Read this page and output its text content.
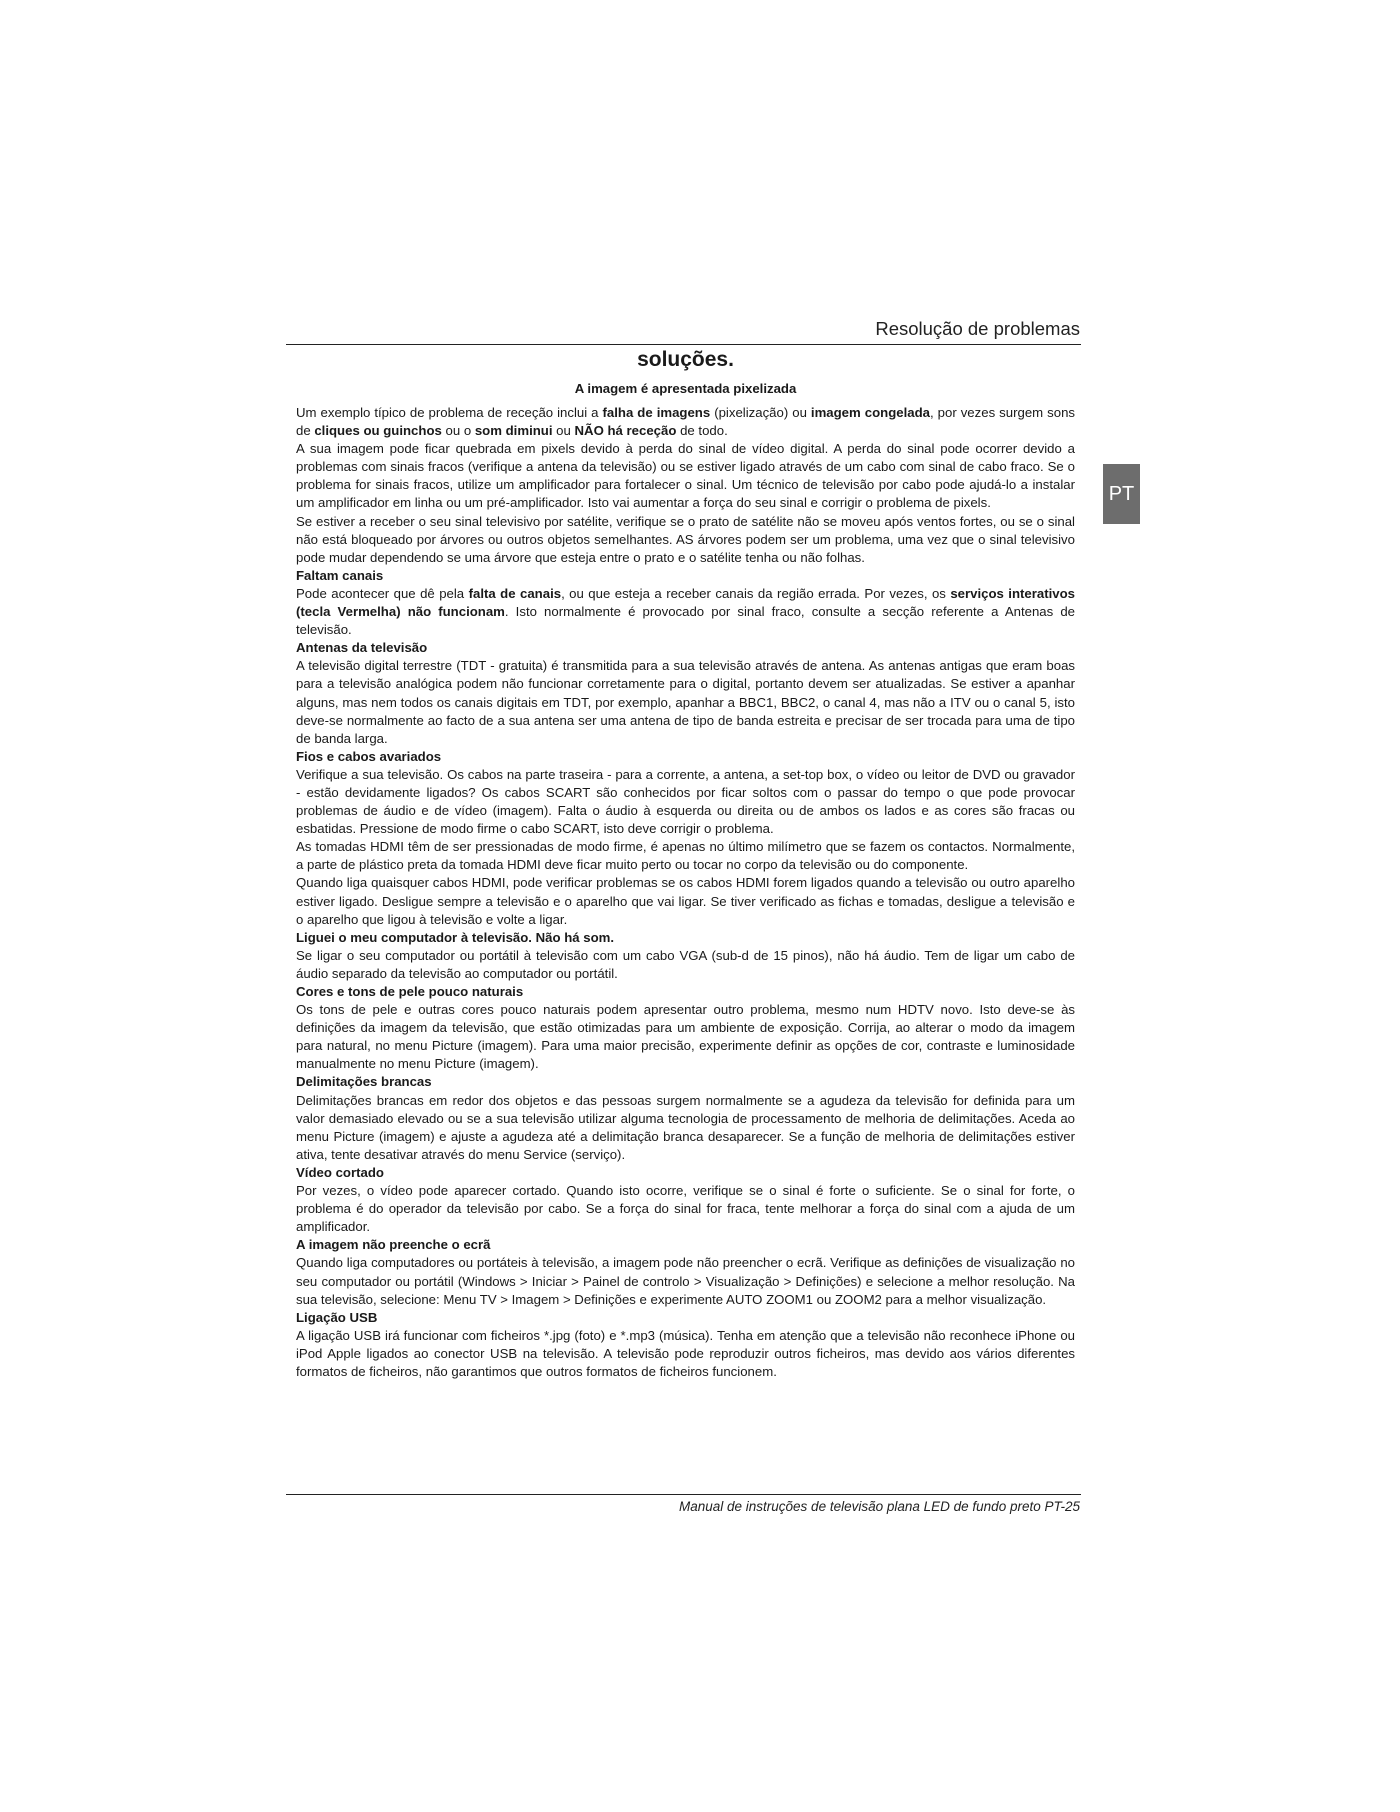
Resolução de problemas
PT
soluções.
A imagem é apresentada pixelizada

Um exemplo típico de problema de receção inclui a falha de imagens (pixelização) ou imagem congelada, por vezes surgem sons de cliques ou guinchos ou o som diminui ou NÃO há receção de todo.

A sua imagem pode ficar quebrada em pixels devido à perda do sinal de vídeo digital. A perda do sinal pode ocorrer devido a problemas com sinais fracos (verifique a antena da televisão) ou se estiver ligado através de um cabo com sinal de cabo fraco. Se o problema for sinais fracos, utilize um amplificador para fortalecer o sinal. Um técnico de televisão por cabo pode ajudá-lo a instalar um amplificador em linha ou um pré-amplificador. Isto vai aumentar a força do seu sinal e corrigir o problema de pixels.

Se estiver a receber o seu sinal televisivo por satélite, verifique se o prato de satélite não se moveu após ventos fortes, ou se o sinal não está bloqueado por árvores ou outros objetos semelhantes. AS árvores podem ser um problema, uma vez que o sinal televisivo pode mudar dependendo se uma árvore que esteja entre o prato e o satélite tenha ou não folhas.

Faltam canais

Pode acontecer que dê pela falta de canais, ou que esteja a receber canais da região errada. Por vezes, os serviços interativos (tecla Vermelha) não funcionam. Isto normalmente é provocado por sinal fraco, consulte a secção referente a Antenas de televisão.

Antenas da televisão

A televisão digital terrestre (TDT - gratuita) é transmitida para a sua televisão através de antena. As antenas antigas que eram boas para a televisão analógica podem não funcionar corretamente para o digital, portanto devem ser atualizadas. Se estiver a apanhar alguns, mas nem todos os canais digitais em TDT, por exemplo, apanhar a BBC1, BBC2, o canal 4, mas não a ITV ou o canal 5, isto deve-se normalmente ao facto de a sua antena ser uma antena de tipo de banda estreita e precisar de ser trocada para uma de tipo de banda larga.

Fios e cabos avariados

Verifique a sua televisão. Os cabos na parte traseira - para a corrente, a antena, a set-top box, o vídeo ou leitor de DVD ou gravador - estão devidamente ligados? Os cabos SCART são conhecidos por ficar soltos com o passar do tempo o que pode provocar problemas de áudio e de vídeo (imagem). Falta o áudio à esquerda ou direita ou de ambos os lados e as cores são fracas ou esbatidas. Pressione de modo firme o cabo SCART, isto deve corrigir o problema.

As tomadas HDMI têm de ser pressionadas de modo firme, é apenas no último milímetro que se fazem os contactos. Normalmente, a parte de plástico preta da tomada HDMI deve ficar muito perto ou tocar no corpo da televisão ou do componente.

Quando liga quaisquer cabos HDMI, pode verificar problemas se os cabos HDMI forem ligados quando a televisão ou outro aparelho estiver ligado. Desligue sempre a televisão e o aparelho que vai ligar. Se tiver verificado as fichas e tomadas, desligue a televisão e o aparelho que ligou à televisão e volte a ligar.

Liguei o meu computador à televisão. Não há som.

Se ligar o seu computador ou portátil à televisão com um cabo VGA (sub-d de 15 pinos), não há áudio. Tem de ligar um cabo de áudio separado da televisão ao computador ou portátil.

Cores e tons de pele pouco naturais

Os tons de pele e outras cores pouco naturais podem apresentar outro problema, mesmo num HDTV novo. Isto deve-se às definições da imagem da televisão, que estão otimizadas para um ambiente de exposição. Corrija, ao alterar o modo da imagem para natural, no menu Picture (imagem). Para uma maior precisão, experimente definir as opções de cor, contraste e luminosidade manualmente no menu Picture (imagem).

Delimitações brancas

Delimitações brancas em redor dos objetos e das pessoas surgem normalmente se a agudeza da televisão for definida para um valor demasiado elevado ou se a sua televisão utilizar alguma tecnologia de processamento de melhoria de delimitações. Aceda ao menu Picture (imagem) e ajuste a agudeza até a delimitação branca desaparecer. Se a função de melhoria de delimitações estiver ativa, tente desativar através do menu Service (serviço).

Vídeo cortado

Por vezes, o vídeo pode aparecer cortado. Quando isto ocorre, verifique se o sinal é forte o suficiente. Se o sinal for forte, o problema é do operador da televisão por cabo. Se a força do sinal for fraca, tente melhorar a força do sinal com a ajuda de um amplificador.

A imagem não preenche o ecrã

Quando liga computadores ou portáteis à televisão, a imagem pode não preencher o ecrã. Verifique as definições de visualização no seu computador ou portátil (Windows > Iniciar > Painel de controlo > Visualização > Definições) e selecione a melhor resolução. Na sua televisão, selecione: Menu TV > Imagem > Definições e experimente AUTO ZOOM1 ou ZOOM2 para a melhor visualização.

Ligação USB

A ligação USB irá funcionar com ficheiros *.jpg (foto) e *.mp3 (música). Tenha em atenção que a televisão não reconhece iPhone ou iPod Apple ligados ao conector USB na televisão. A televisão pode reproduzir outros ficheiros, mas devido aos vários diferentes formatos de ficheiros, não garantimos que outros formatos de ficheiros funcionem.

Manual de instruções de televisão plana LED de fundo preto PT-25
